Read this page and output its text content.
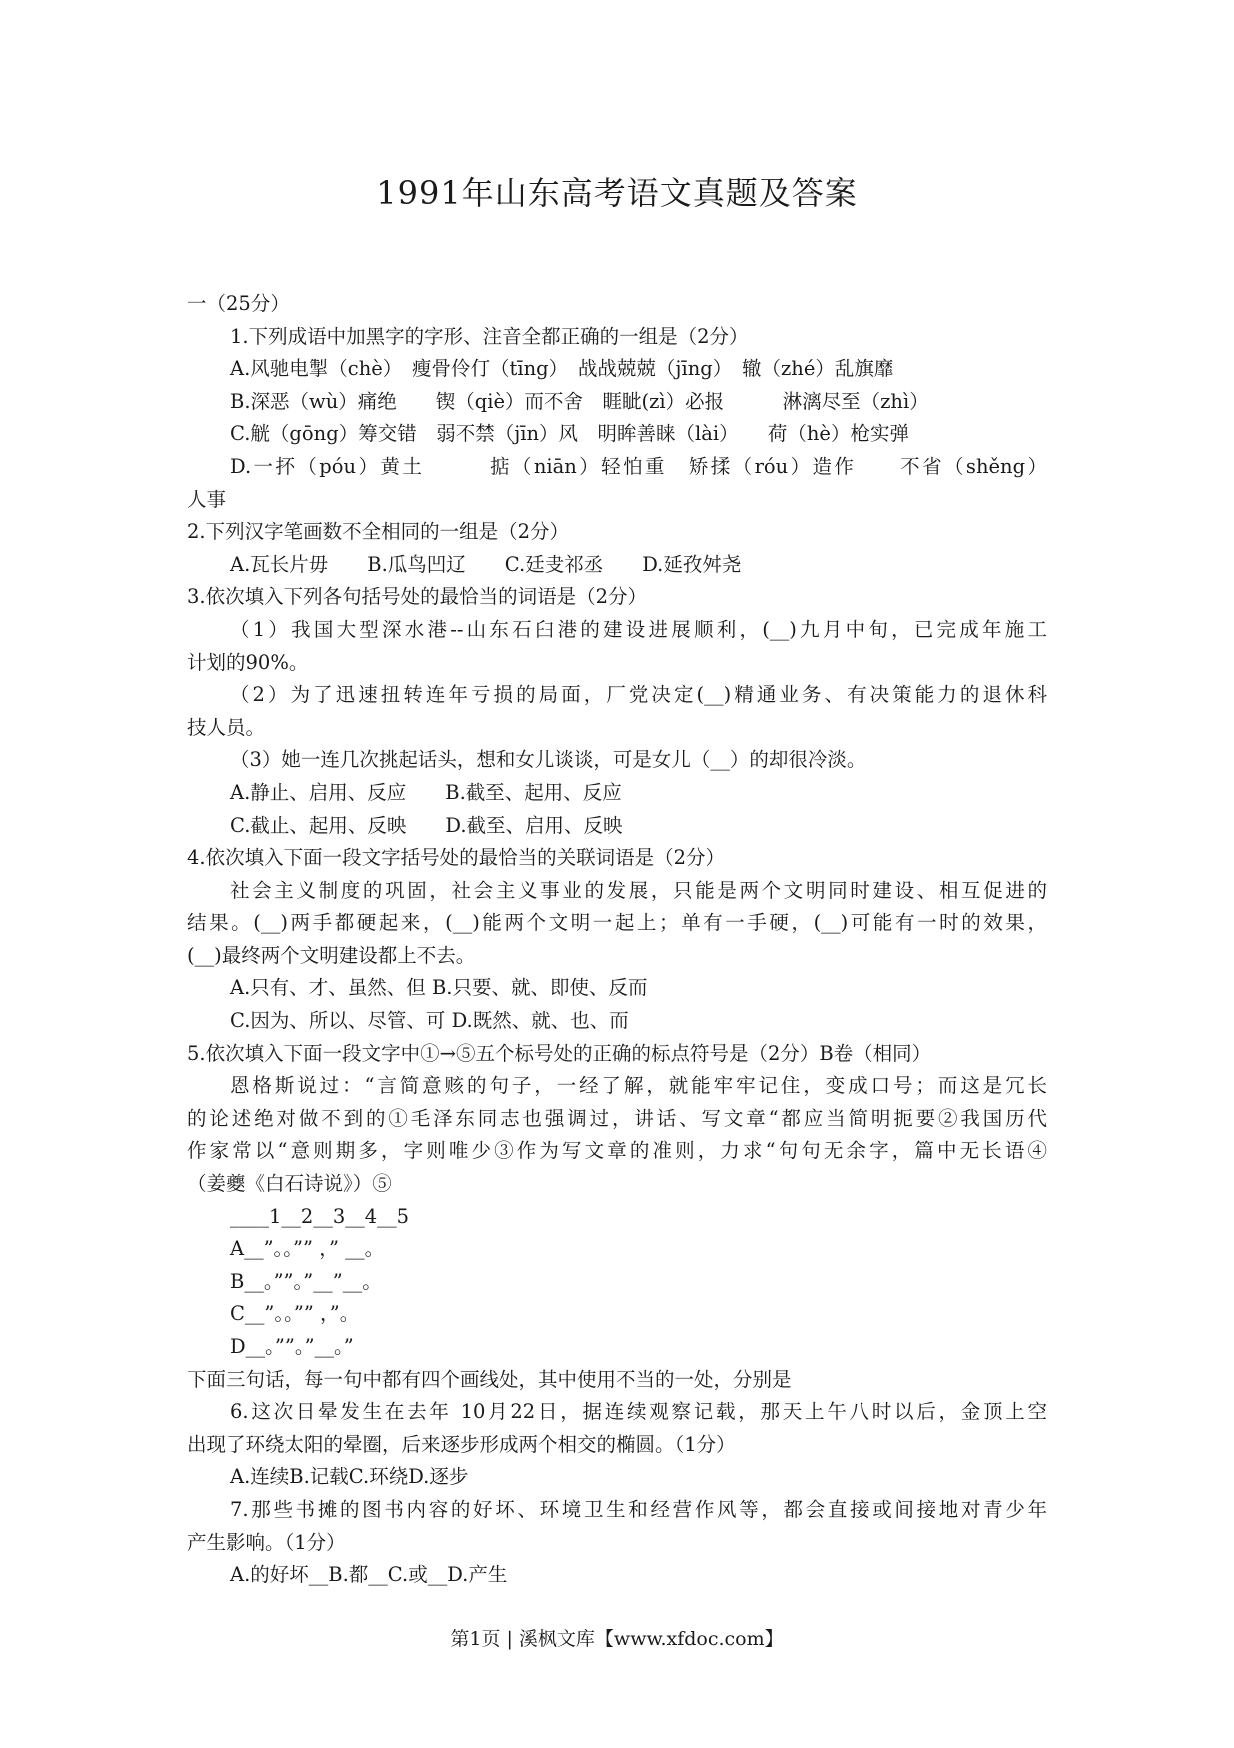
1991年山东高考语文真题及答案
一（25分）
1.下列成语中加黑字的字形、注音全都正确的一组是（2分）
A.风驰电掣（chè）　瘦骨伶仃（tīng）　战战兢兢（jīng）　辙（zhé）乱旗靡
B.深恶（wù）痛绝　　锲（qiè）而不舍　睚眦(zì）必报　　　淋漓尽至（zhì）
C.觥（gōng）筹交错　弱不禁（jīn）风　明眸善睐（lài）　　荷（hè）枪实弹
D.一抔（póu）黄土　　　掂（niān）轻怕重　矫揉（róu）造作　　不省（shěng）
人事
2.下列汉字笔画数不全相同的一组是（2分）
A.瓦长片毋　　B.瓜鸟凹辽　　C.廷叏祁丞　　D.延孜舛尧
3.依次填入下列各句括号处的最恰当的词语是（2分）
（1）我国大型深水港--山东石臼港的建设进展顺利，(__)九月中旬，已完成年施工
计划的90%。
（2）为了迅速扭转连年亏损的局面，厂党决定(__)精通业务、有决策能力的退休科
技人员。
（3）她一连几次挑起话头，想和女儿谈谈，可是女儿（__）的却很冷淡。
A.静止、启用、反应　　B.截至、起用、反应
C.截止、起用、反映　　D.截至、启用、反映
4.依次填入下面一段文字括号处的最恰当的关联词语是（2分）
社会主义制度的巩固，社会主义事业的发展，只能是两个文明同时建设、相互促进的
结果。(__)两手都硬起来，(__)能两个文明一起上；单有一手硬，(__)可能有一时的效果，
(__)最终两个文明建设都上不去。
A.只有、才、虽然、但 B.只要、就、即使、反而
C.因为、所以、尽管、可 D.既然、就、也、而
5.依次填入下面一段文字中①→⑤五个标号处的正确的标点符号是（2分）B卷（相同）
恩格斯说过：“言简意赅的句子，一经了解，就能牢牢记住，变成口号；而这是冗长
的论述绝对做不到的①毛泽东同志也强调过，讲话、写文章“都应当简明扼要②我国历代
作家常以“意则期多，字则唯少③作为写文章的准则，力求“句句无余字，篇中无长语④
（姜夔《白石诗说》）⑤
____1__2__3__4__5
A__”。。”” ，” __。
B__。””。”__”__。
C__”。。”” ，”。
D__。””。”__。”
下面三句话，每一句中都有四个画线处，其中使用不当的一处，分别是
6.这次日晕发生在去年 10月22日，据连续观察记载，那天上午八时以后，金顶上空
出现了环绕太阳的晕圈，后来逐步形成两个相交的椭圆。（1分）
A.连续B.记载C.环绕D.逐步
7.那些书摊的图书内容的好坏、环境卫生和经营作风等，都会直接或间接地对青少年
产生影响。（1分）
A.的好坏__B.都__C.或__D.产生
第1页 | 溪枫文库【www.xfdoc.com】
